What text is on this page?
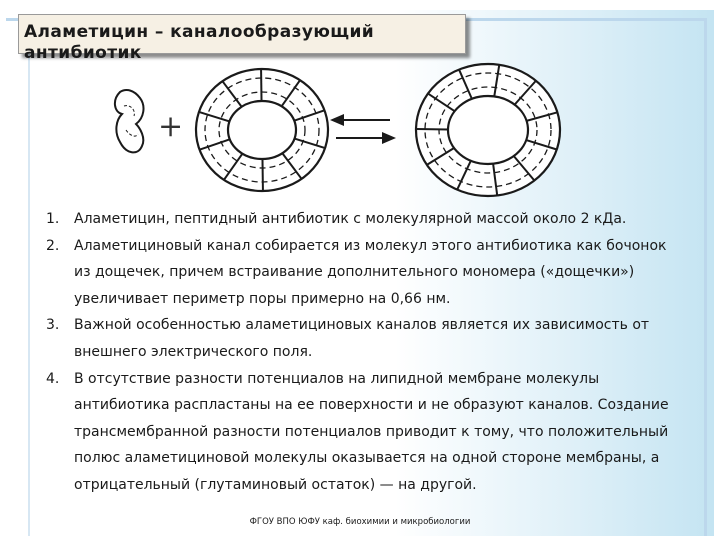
Аламетицин – каналообразующий антибиотик
+
1. Аламетицин, пептидный антибиотик с молекулярной массой около 2 кДа.
2. Аламетициновый канал собирается из молекул этого антибиотика как бочонок из дощечек, причем встраивание дополнительного мономера («дощечки») увеличивает периметр поры примерно на 0,66 нм.
3. Важной особенностью аламетициновых каналов является их зависимость от внешнего электрического поля.
4. В отсутствие разности потенциалов на липидной мембране молекулы антибиотика распластаны на ее поверхности и не образуют каналов. Создание трансмембранной разности потенциалов приводит к тому, что положительный полюс аламетициновой молекулы оказывается на одной стороне мембраны, а отрицательный (глутаминовый остаток) — на другой.
ФГОУ ВПО ЮФУ каф. биохимии и микробиологии
